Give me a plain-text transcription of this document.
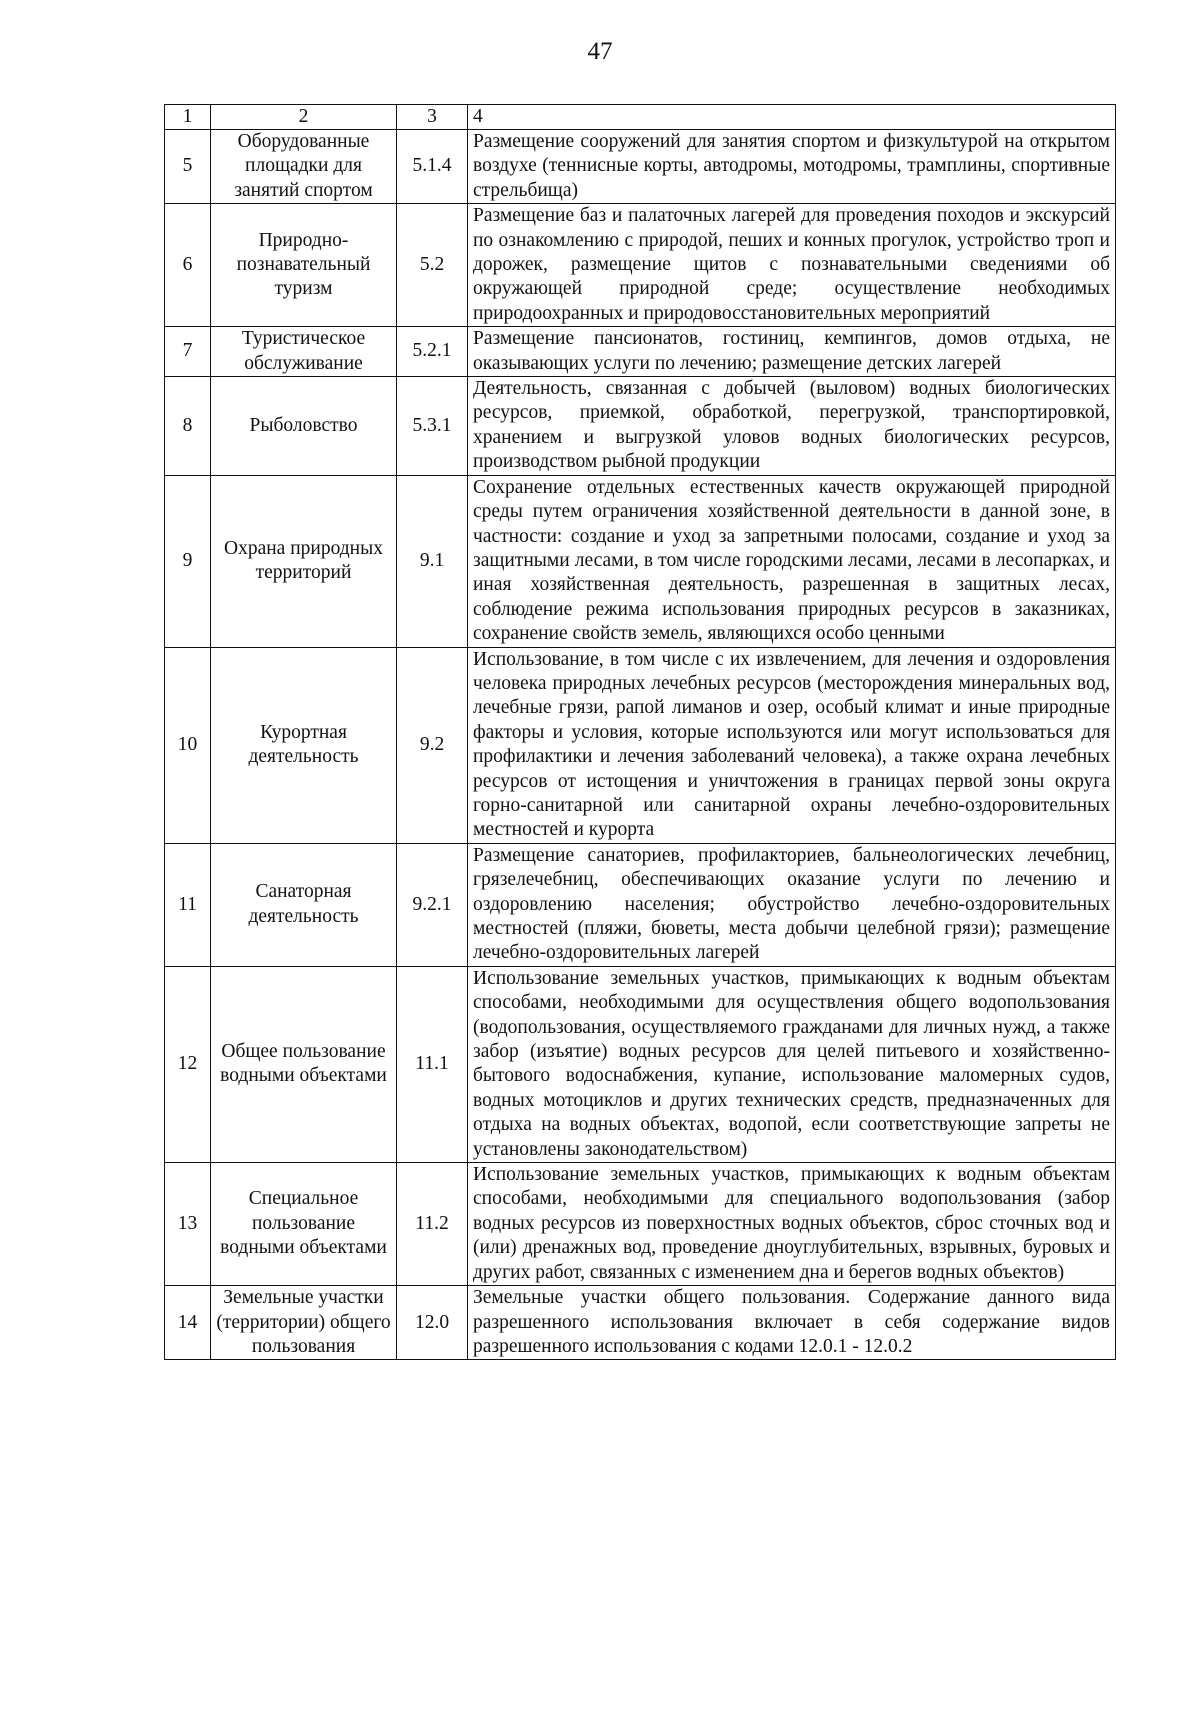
47
1	2	3	4
5	Оборудованные площадки для занятий спортом	5.1.4	Размещение сооружений для занятия спортом и физкультурой на открытом воздухе (теннисные корты, автодромы, мотодромы, трамплины, спортивные стрельбища)
6	Природно-познавательный туризм	5.2	Размещение баз и палаточных лагерей для проведения походов и экскурсий по ознакомлению с природой, пеших и конных прогулок, устройство троп и дорожек, размещение щитов с познавательными сведениями об окружающей природной среде; осуществление необходимых природоохранных и природовосстановительных мероприятий
7	Туристическое обслуживание	5.2.1	Размещение пансионатов, гостиниц, кемпингов, домов отдыха, не оказывающих услуги по лечению; размещение детских лагерей
8	Рыболовство	5.3.1	Деятельность, связанная с добычей (выловом) водных биологических ресурсов, приемкой, обработкой, перегрузкой, транспортировкой, хранением и выгрузкой уловов водных биологических ресурсов, производством рыбной продукции
9	Охрана природных территорий	9.1	Сохранение отдельных естественных качеств окружающей природной среды путем ограничения хозяйственной деятельности в данной зоне, в частности: создание и уход за запретными полосами, создание и уход за защитными лесами, в том числе городскими лесами, лесами в лесопарках, и иная хозяйственная деятельность, разрешенная в защитных лесах, соблюдение режима использования природных ресурсов в заказниках, сохранение свойств земель, являющихся особо ценными
10	Курортная деятельность	9.2	Использование, в том числе с их извлечением, для лечения и оздоровления человека природных лечебных ресурсов (месторождения минеральных вод, лечебные грязи, рапой лиманов и озер, особый климат и иные природные факторы и условия, которые используются или могут использоваться для профилактики и лечения заболеваний человека), а также охрана лечебных ресурсов от истощения и уничтожения в границах первой зоны округа горно-санитарной или санитарной охраны лечебно-оздоровительных местностей и курорта
11	Санаторная деятельность	9.2.1	Размещение санаториев, профилакториев, бальнеологических лечебниц, грязелечебниц, обеспечивающих оказание услуги по лечению и оздоровлению населения; обустройство лечебно-оздоровительных местностей (пляжи, бюветы, места добычи целебной грязи); размещение лечебно-оздоровительных лагерей
12	Общее пользование водными объектами	11.1	Использование земельных участков, примыкающих к водным объектам способами, необходимыми для осуществления общего водопользования (водопользования, осуществляемого гражданами для личных нужд, а также забор (изъятие) водных ресурсов для целей питьевого и хозяйственно-бытового водоснабжения, купание, использование маломерных судов, водных мотоциклов и других технических средств, предназначенных для отдыха на водных объектах, водопой, если соответствующие запреты не установлены законодательством)
13	Специальное пользование водными объектами	11.2	Использование земельных участков, примыкающих к водным объектам способами, необходимыми для специального водопользования (забор водных ресурсов из поверхностных водных объектов, сброс сточных вод и (или) дренажных вод, проведение дноуглубительных, взрывных, буровых и других работ, связанных с изменением дна и берегов водных объектов)
14	Земельные участки (территории) общего пользования	12.0	Земельные участки общего пользования. Содержание данного вида разрешенного использования включает в себя содержание видов разрешенного использования с кодами 12.0.1 - 12.0.2
